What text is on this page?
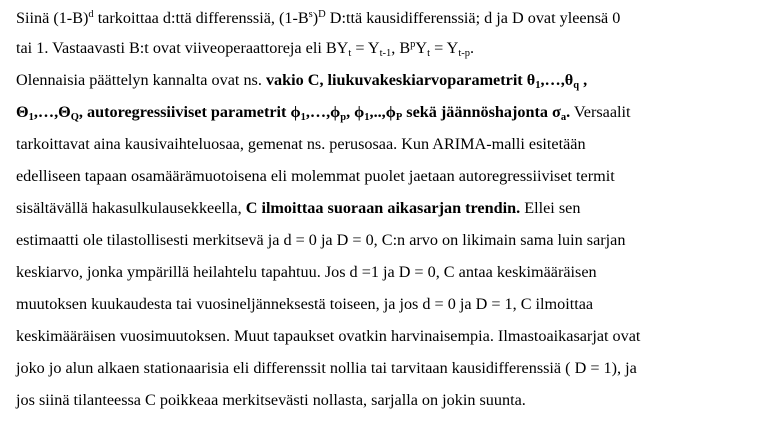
Siinä $(1-B)^d$ tarkoittaa d:ttä differenssiä, $(1-B^s)^D$ D:ttä kausidifferenssiä; d ja D ovat yleensä 0
tai 1. Vastaavasti B:t ovat viiveoperaattoreja eli $BY_t = Y_{t-1}$, $B^pY_t = Y_{t-p}$.
Olennaisia päättelyn kannalta ovat ns. vakio C, liukuvakeskiarvoparametrit $\theta_1,\dots,\theta_q$ ,
$\Theta_1,\dots,\Theta_Q$, autoregressiiviset parametrit $\phi_1,\dots,\phi_p$, $\phi_1,..,\phi_P$ sekä jäännöshajonta $\sigma_a$. Versaalit
tarkoittavat aina kausivaihteluosaa, gemenat ns. perusosaa. Kun ARIMA-malli esitetään
edelliseen tapaan osamäärämuotoisena eli molemmat puolet jaetaan autoregressiiviset termit
sisältävällä hakasulkulausekkeella, C ilmoittaa suoraan aikasarjan trendin. Ellei sen
estimaatti ole tilastollisesti merkitsevä ja d = 0 ja D = 0, C:n arvo on likimain sama luin sarjan
keskiarvo, jonka ympärillä heilahtelu tapahtuu. Jos d =1 ja D = 0, C antaa keskimääräisen
muutoksen kuukaudesta tai vuosineljänneksestä toiseen, ja jos d = 0 ja D = 1, C ilmoittaa
keskimääräisen vuosimuutoksen. Muut tapaukset ovatkin harvinaisempia. Ilmastoaikasarjat ovat
joko jo alun alkaen stationaarisia eli differenssit nollia tai tarvitaan kausidifferenssiä ( D = 1), ja
jos siinä tilanteessa C poikkeaa merkitsevästi nollasta, sarjalla on jokin suunta.
